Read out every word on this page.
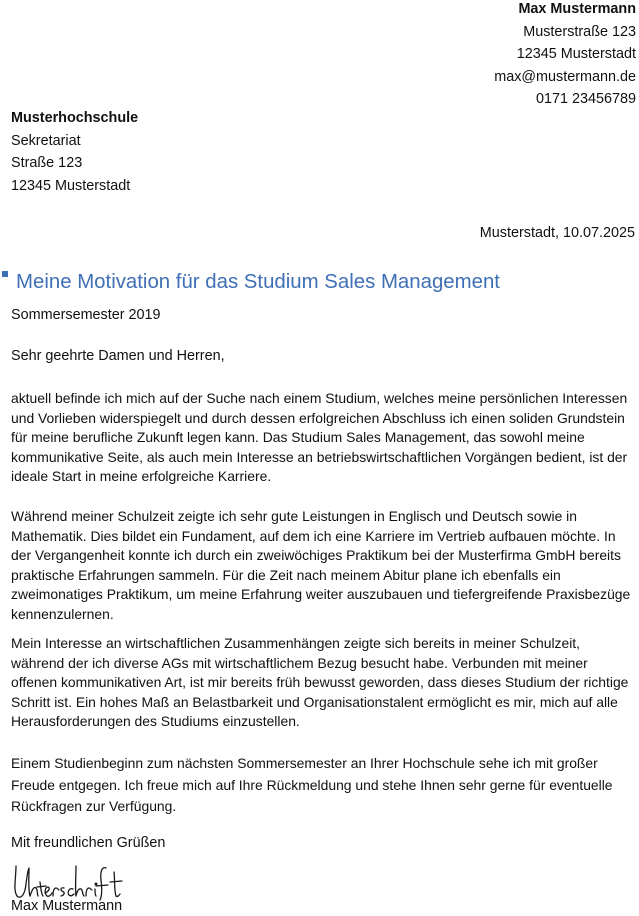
Max Mustermann
Musterstraße 123
12345 Musterstadt
max@mustermann.de
0171 23456789
Musterhochschule
Sekretariat
Straße 123
12345 Musterstadt
Musterstadt, 10.07.2025
Meine Motivation für das Studium Sales Management
Sommersemester 2019
Sehr geehrte Damen und Herren,
aktuell befinde ich mich auf der Suche nach einem Studium, welches meine persönlichen Interessen und Vorlieben widerspiegelt und durch dessen erfolgreichen Abschluss ich einen soliden Grundstein für meine berufliche Zukunft legen kann. Das Studium Sales Management, das sowohl meine kommunikative Seite, als auch mein Interesse an betriebswirtschaftlichen Vorgängen bedient, ist der ideale Start in meine erfolgreiche Karriere.
Während meiner Schulzeit zeigte ich sehr gute Leistungen in Englisch und Deutsch sowie in Mathematik. Dies bildet ein Fundament, auf dem ich eine Karriere im Vertrieb aufbauen möchte. In der Vergangenheit konnte ich durch ein zweiwöchiges Praktikum bei der Musterfirma GmbH bereits praktische Erfahrungen sammeln. Für die Zeit nach meinem Abitur plane ich ebenfalls ein zweimonatiges Praktikum, um meine Erfahrung weiter auszubauen und tiefergreifende Praxisbezüge kennenzulernen.
Mein Interesse an wirtschaftlichen Zusammenhängen zeigte sich bereits in meiner Schulzeit, während der ich diverse AGs mit wirtschaftlichem Bezug besucht habe. Verbunden mit meiner offenen kommunikativen Art, ist mir bereits früh bewusst geworden, dass dieses Studium der richtige Schritt ist. Ein hohes Maß an Belastbarkeit und Organisationstalent ermöglicht es mir, mich auf alle Herausforderungen des Studiums einzustellen.
Einem Studienbeginn zum nächsten Sommersemester an Ihrer Hochschule sehe ich mit großer Freude entgegen. Ich freue mich auf Ihre Rückmeldung und stehe Ihnen sehr gerne für eventuelle Rückfragen zur Verfügung.
Mit freundlichen Grüßen
Max Mustermann
